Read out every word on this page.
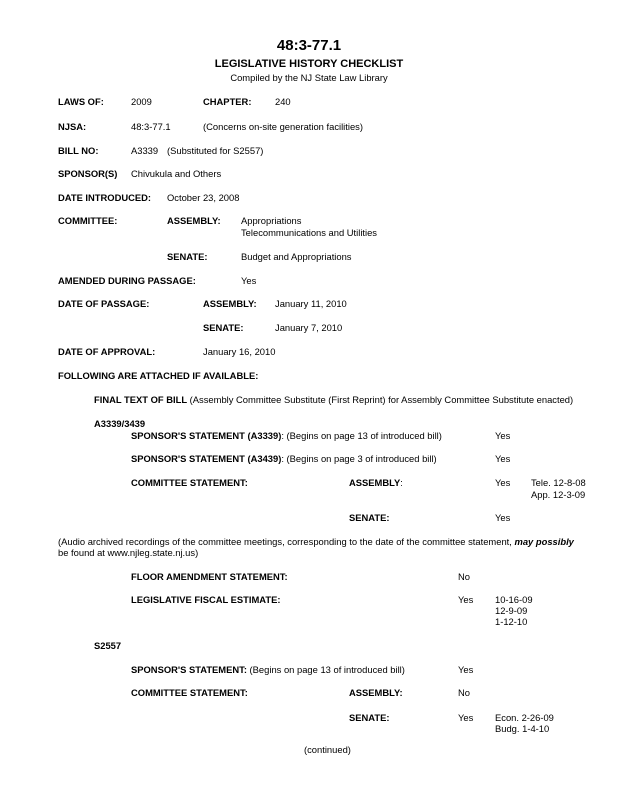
48:3-77.1
LEGISLATIVE HISTORY CHECKLIST
Compiled by the NJ State Law Library
LAWS OF:	2009	CHAPTER:	240
NJSA:	48:3-77.1	(Concerns on-site generation facilities)
BILL NO:	A3339 (Substituted for S2557)
SPONSOR(S) Chivukula and Others
DATE INTRODUCED: October 23, 2008
COMMITTEE:	ASSEMBLY: Appropriations
Telecommunications and Utilities
SENATE:	Budget and Appropriations
AMENDED DURING PASSAGE:	Yes
DATE OF PASSAGE:	ASSEMBLY: January 11, 2010
SENATE:	January 7, 2010
DATE OF APPROVAL:	January 16, 2010
FOLLOWING ARE ATTACHED IF AVAILABLE:
FINAL TEXT OF BILL (Assembly Committee Substitute (First Reprint) for Assembly Committee Substitute enacted)
A3339/3439
SPONSOR'S STATEMENT (A3339): (Begins on page 13 of introduced bill)	Yes
SPONSOR'S STATEMENT (A3439): (Begins on page 3 of introduced bill)	Yes
COMMITTEE STATEMENT:	ASSEMBLY:	Yes Tele. 12-8-08
App. 12-3-09
SENATE:	Yes
(Audio archived recordings of the committee meetings, corresponding to the date of the committee statement, may possibly
be found at www.njleg.state.nj.us)
FLOOR AMENDMENT STATEMENT:	No
LEGISLATIVE FISCAL ESTIMATE:	Yes 10-16-09
12-9-09
1-12-10
S2557
SPONSOR'S STATEMENT: (Begins on page 13 of introduced bill)	Yes
COMMITTEE STATEMENT:	ASSEMBLY:	No
SENATE:	Yes Econ. 2-26-09
Budg. 1-4-10
(continued)
